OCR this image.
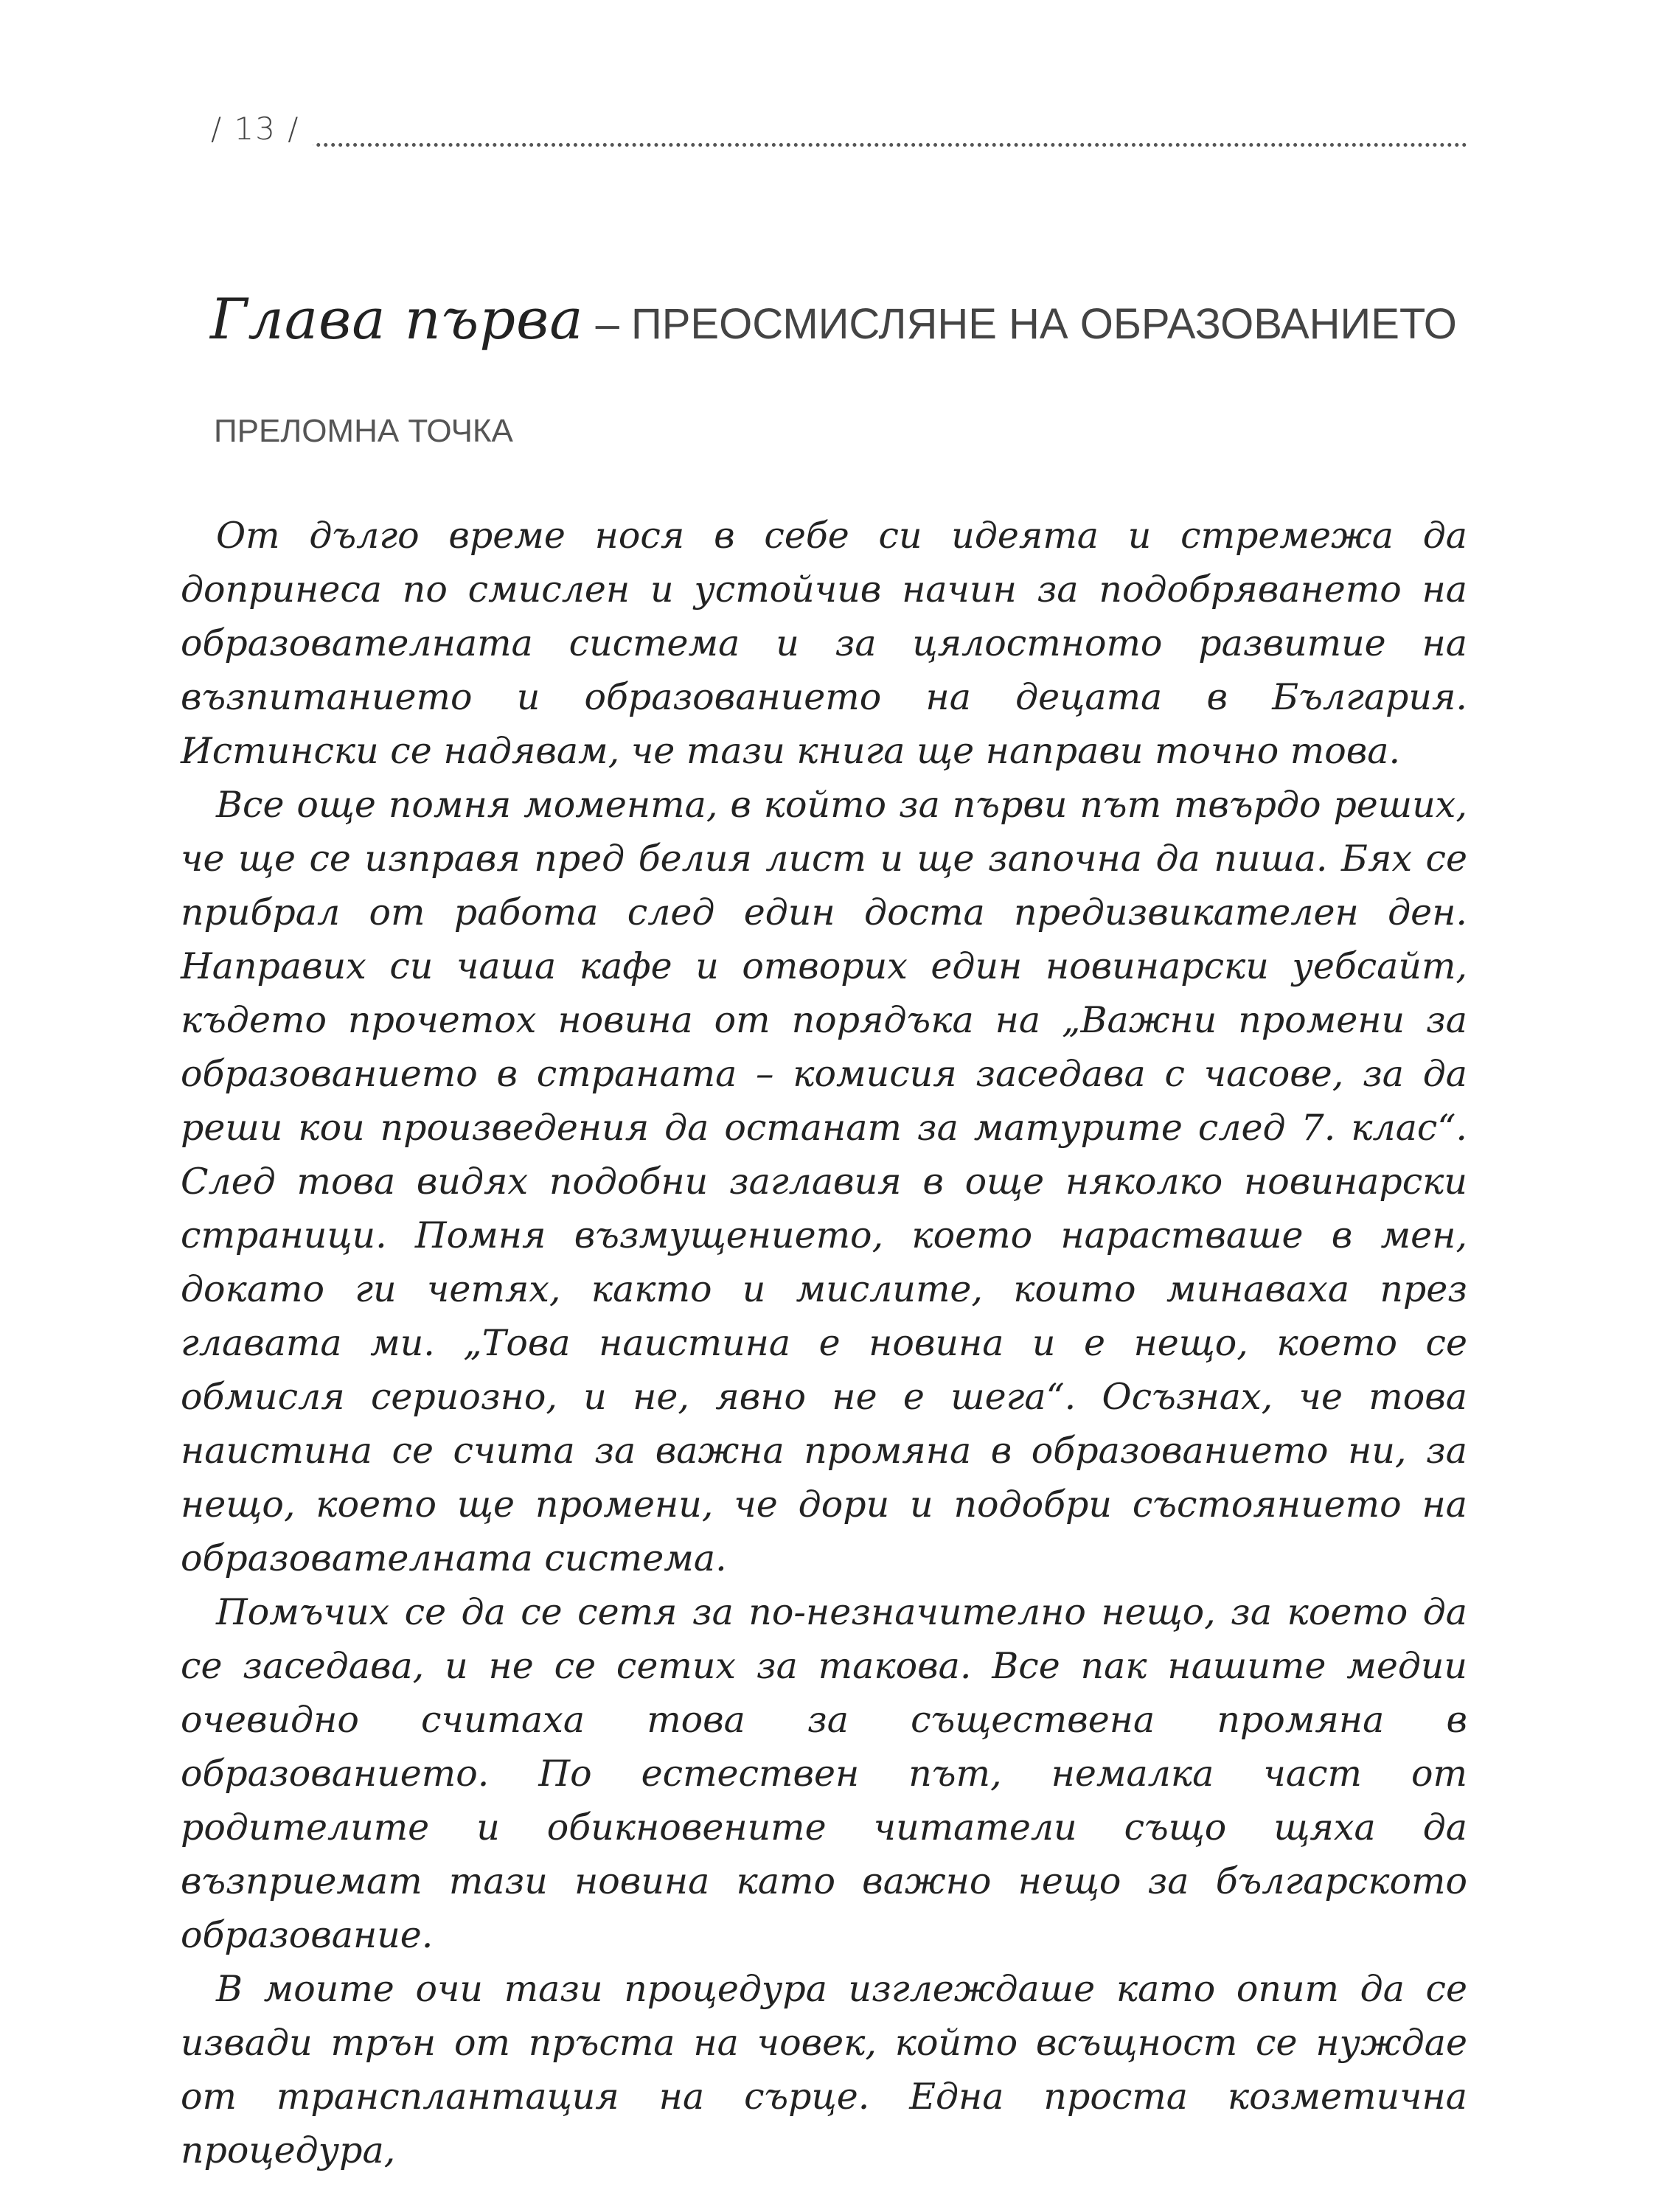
/ 13 /
Глава първа – ПРЕОСМИСЛЯНЕ НА ОБРАЗОВАНИЕТО
ПРЕЛОМНА ТОЧКА

От дълго време нося в себе си идеята и стремежа да допринеса по смислен и устойчив начин за подобряването на образователната система и за цялостното развитие на възпитанието и образованието на децата в България. Истински се надявам, че тази книга ще направи точно това.

Все още помня момента, в който за първи път твърдо реших, че ще се изправя пред белия лист и ще започна да пиша. Бях се прибрал от работа след един доста предизвикателен ден. Направих си чаша кафе и отворих един новинарски уебсайт, където прочетох новина от порядъка на „Важни промени за образованието в страната – комисия заседава с часове, за да реши кои произведения да останат за матурите след 7. клас“. След това видях подобни заглавия в още няколко новинарски страници. Помня възмущението, което нарастваше в мен, докато ги четях, както и мислите, които минаваха през главата ми. „Това наистина е новина и е нещо, което се обмисля сериозно, и не, явно не е шега“. Осъзнах, че това наистина се счита за важна промяна в образованието ни, за нещо, което ще промени, че дори и подобри състоянието на образователната система.

Помъчих се да се сетя за по-незначително нещо, за което да се заседава, и не се сетих за такова. Все пак нашите медии очевидно считаха това за съществена промяна в образованието. По естествен път, немалка част от родителите и обикновените читатели също щяха да възприемат тази новина като важно нещо за българското образование.

В моите очи тази процедура изглеждаше като опит да се извади трън от пръста на човек, който всъщност се нуждае от трансплантация на сърце. Една проста козметична процедура,
